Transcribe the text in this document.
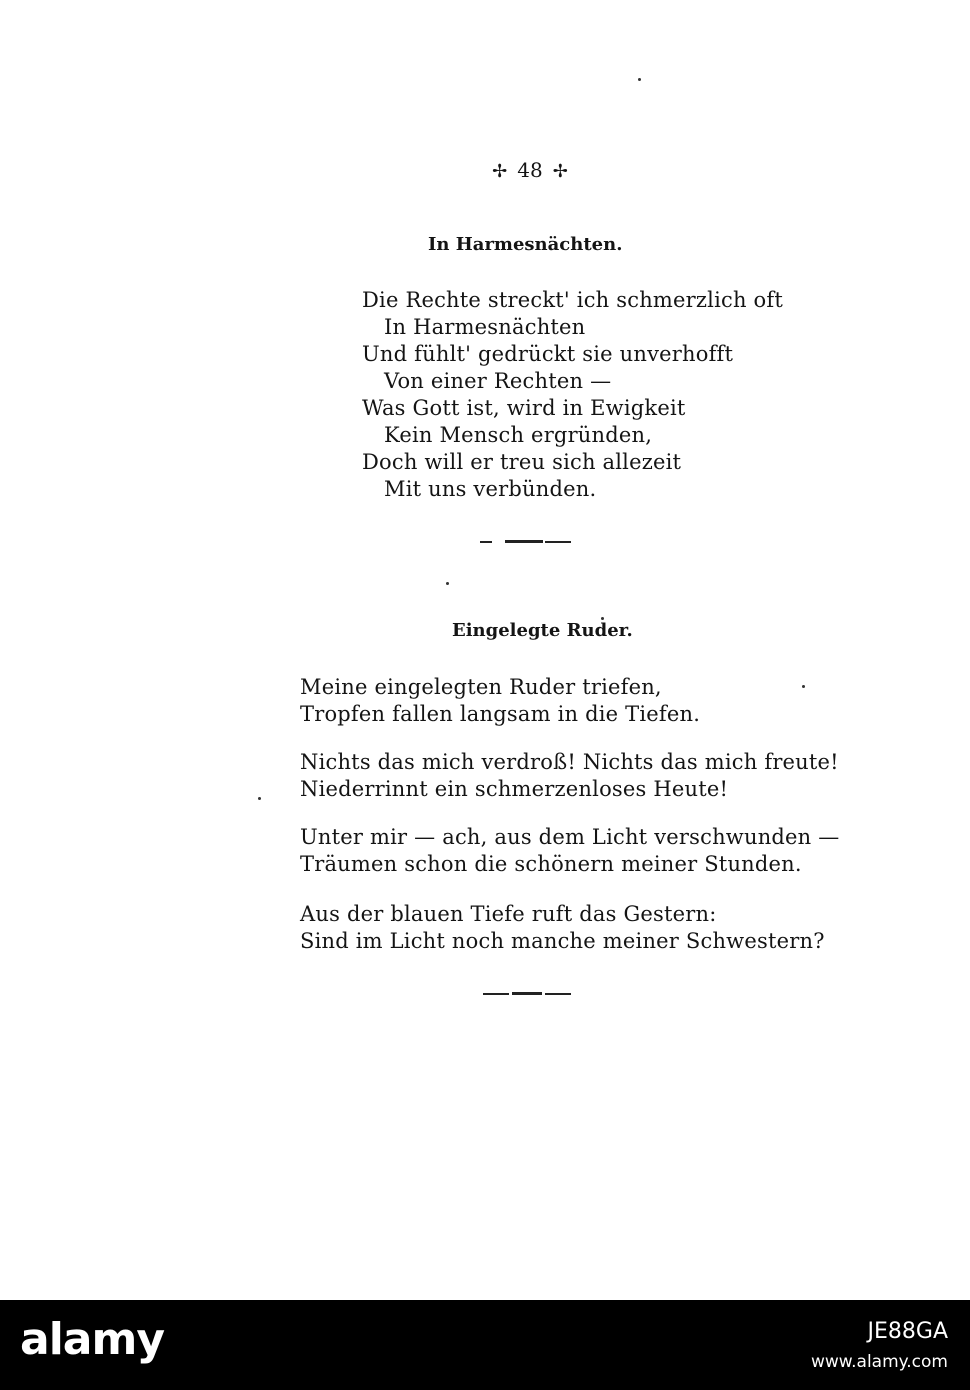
✢ 48 ✢
In Harmesnächten.
Die Rechte streckt' ich schmerzlich oft
In Harmesnächten
Und fühlt' gedrückt sie unverhofft
Von einer Rechten —
Was Gott ist, wird in Ewigkeit
Kein Mensch ergründen,
Doch will er treu sich allezeit
Mit uns verbünden.
Eingelegte Ruder.
Meine eingelegten Ruder triefen,
Tropfen fallen langsam in die Tiefen.
Nichts das mich verdroß! Nichts das mich freute!
Niederrinnt ein schmerzenloses Heute!
Unter mir — ach, aus dem Licht verschwunden —
Träumen schon die schönern meiner Stunden.
Aus der blauen Tiefe ruft das Gestern:
Sind im Licht noch manche meiner Schwestern?
alamy	JE88GA
www.alamy.com
